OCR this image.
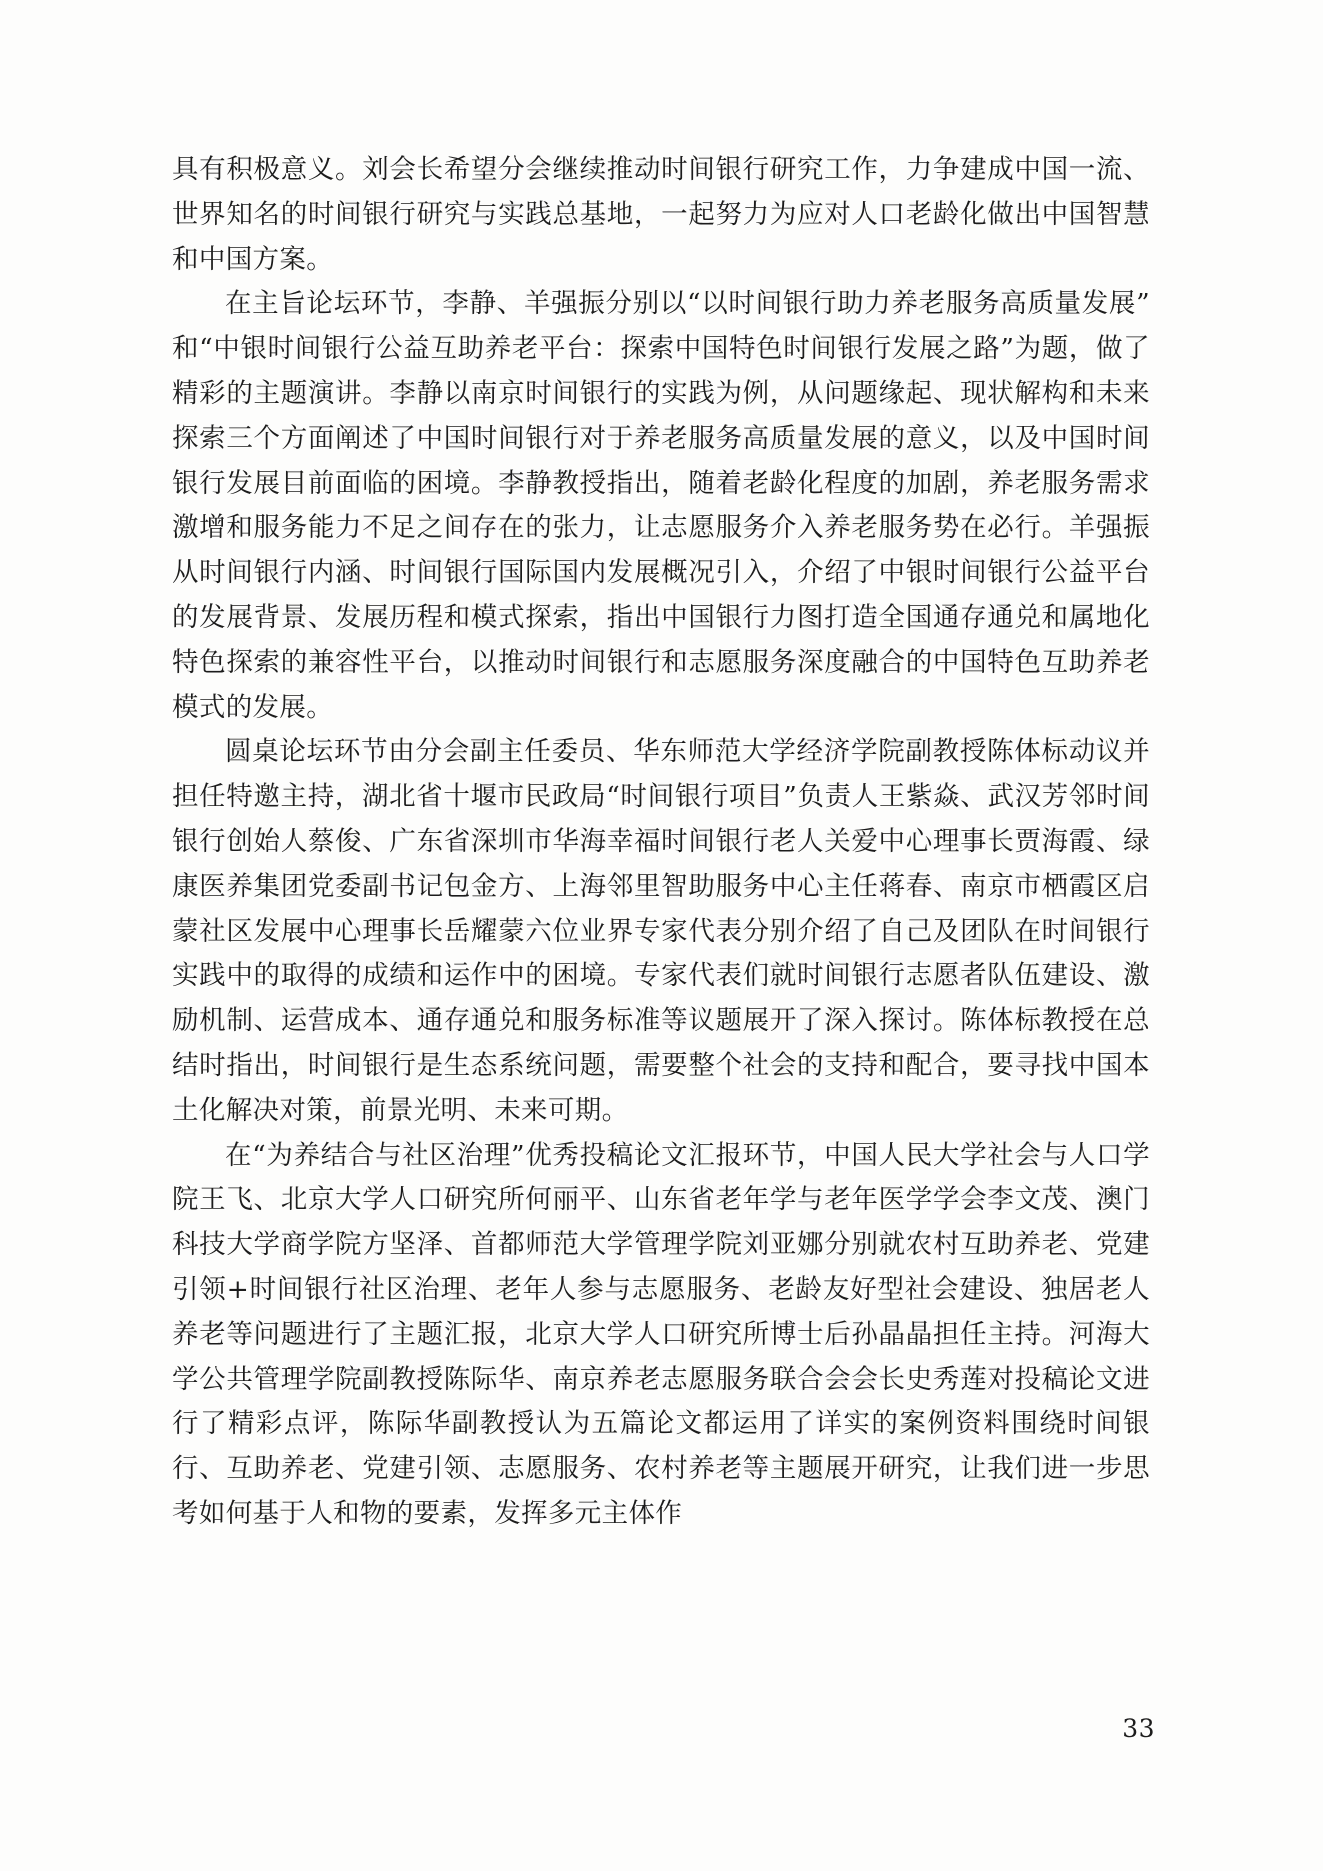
具有积极意义。刘会长希望分会继续推动时间银行研究工作，力争建成中国一流、世界知名的时间银行研究与实践总基地，一起努力为应对人口老龄化做出中国智慧和中国方案。

在主旨论坛环节，李静、羊强振分别以“以时间银行助力养老服务高质量发展”和“中银时间银行公益互助养老平台：探索中国特色时间银行发展之路”为题，做了精彩的主题演讲。李静以南京时间银行的实践为例，从问题缘起、现状解构和未来探索三个方面阐述了中国时间银行对于养老服务高质量发展的意义，以及中国时间银行发展目前面临的困境。李静教授指出，随着老龄化程度的加剧，养老服务需求激增和服务能力不足之间存在的张力，让志愿服务介入养老服务势在必行。羊强振从时间银行内涵、时间银行国际国内发展概况引入，介绍了中银时间银行公益平台的发展背景、发展历程和模式探索，指出中国银行力图打造全国通存通兑和属地化特色探索的兼容性平台，以推动时间银行和志愿服务深度融合的中国特色互助养老模式的发展。

圆桌论坛环节由分会副主任委员、华东师范大学经济学院副教授陈体标动议并担任特邀主持，湖北省十堰市民政局“时间银行项目”负责人王紫焱、武汉芳邻时间银行创始人蔡俊、广东省深圳市华海幸福时间银行老人关爱中心理事长贾海霞、绿康医养集团党委副书记包金方、上海邻里智助服务中心主任蒋春、南京市栖霞区启蒙社区发展中心理事长岳耀蒙六位业界专家代表分别介绍了自己及团队在时间银行实践中的取得的成绩和运作中的困境。专家代表们就时间银行志愿者队伍建设、激励机制、运营成本、通存通兑和服务标准等议题展开了深入探讨。陈体标教授在总结时指出，时间银行是生态系统问题，需要整个社会的支持和配合，要寻找中国本土化解决对策，前景光明、未来可期。

在“为养结合与社区治理”优秀投稿论文汇报环节，中国人民大学社会与人口学院王飞、北京大学人口研究所何丽平、山东省老年学与老年医学学会李文茂、澳门科技大学商学院方坚泽、首都师范大学管理学院刘亚娜分别就农村互助养老、党建引领+时间银行社区治理、老年人参与志愿服务、老龄友好型社会建设、独居老人养老等问题进行了主题汇报，北京大学人口研究所博士后孙晶晶担任主持。河海大学公共管理学院副教授陈际华、南京养老志愿服务联合会会长史秀莲对投稿论文进行了精彩点评，陈际华副教授认为五篇论文都运用了详实的案例资料围绕时间银行、互助养老、党建引领、志愿服务、农村养老等主题展开研究，让我们进一步思考如何基于人和物的要素，发挥多元主体作

33
